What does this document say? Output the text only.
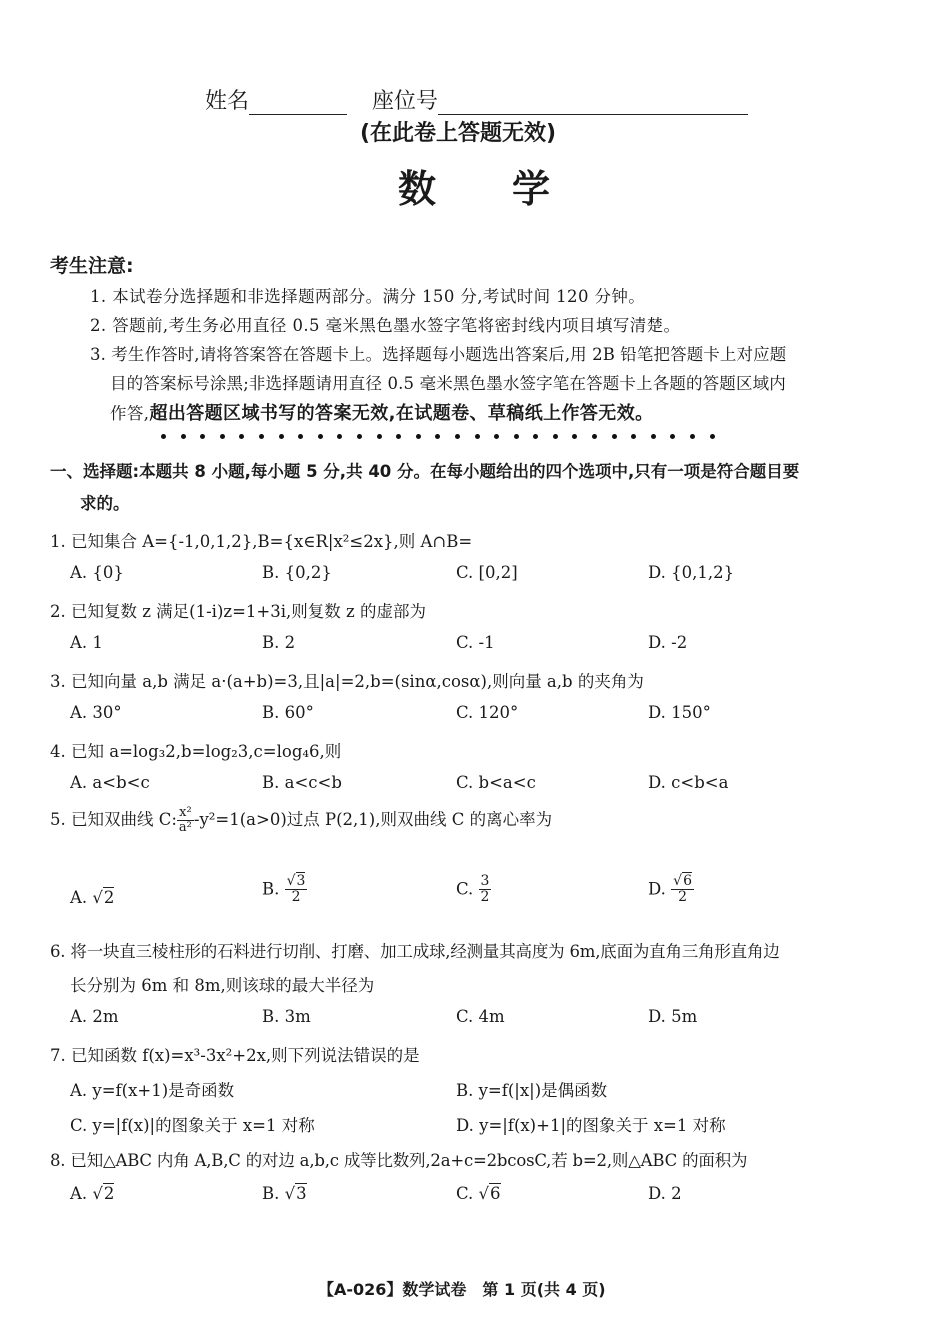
姓名	座位号
(在此卷上答题无效)
数　　学
考生注意:
1. 本试卷分选择题和非选择题两部分。满分 150 分,考试时间 120 分钟。
2. 答题前,考生务必用直径 0.5 毫米黑色墨水签字笔将密封线内项目填写清楚。
3. 考生作答时,请将答案答在答题卡上。选择题每小题选出答案后,用 2B 铅笔把答题卡上对应题
目的答案标号涂黑;非选择题请用直径 0.5 毫米黑色墨水签字笔在答题卡上各题的答题区域内
作答,超出答题区域书写的答案无效,在试题卷、草稿纸上作答无效。
一、选择题:本题共 8 小题,每小题 5 分,共 40 分。在每小题给出的四个选项中,只有一项是符合题目要
求的。
1. 已知集合 A={-1,0,1,2},B={x∈R|x²≤2x},则 A∩B=
A. {0}	B. {0,2}	C. [0,2]	D. {0,1,2}
2. 已知复数 z 满足(1-i)z=1+3i,则复数 z 的虚部为
A. 1	B. 2	C. -1	D. -2
3. 已知向量 a,b 满足 a·(a+b)=3,且|a|=2,b=(sinα,cosα),则向量 a,b 的夹角为
A. 30°	B. 60°	C. 120°	D. 150°
4. 已知 a=log₃2,b=log₂3,c=log₄6,则
A. a<b<c	B. a<c<b	C. b<a<c	D. c<b<a
5. 已知双曲线 C: $\frac{\text{x²}}{\text{a²}} -y^2=1(a>0)$过点 P(2,1),则双曲线 C 的离心率为
A. √2	B. $\frac{√3}{2}$	C. $\frac{3}{2}$	D. $\frac{√6}{2}$
6. 将一块直三棱柱形的石料进行切削、打磨、加工成球,经测量其高度为 6m,底面为直角三角形直角边
长分别为 6m 和 8m,则该球的最大半径为
A. 2m	B. 3m	C. 4m	D. 5m
7. 已知函数 f(x)=x³-3x²+2x,则下列说法错误的是
A. y=f(x+1)是奇函数	B. y=f(|x|)是偶函数
C. y=|f(x)|的图象关于 x=1 对称	D. y=|f(x)+1|的图象关于 x=1 对称
8. 已知△ABC 内角 A,B,C 的对边 a,b,c 成等比数列,2a+c=2bcosC,若 b=2,则△ABC 的面积为
A. √2	B. √3	C. √6	D. 2
【A-026】数学试卷　第 1 页(共 4 页)
